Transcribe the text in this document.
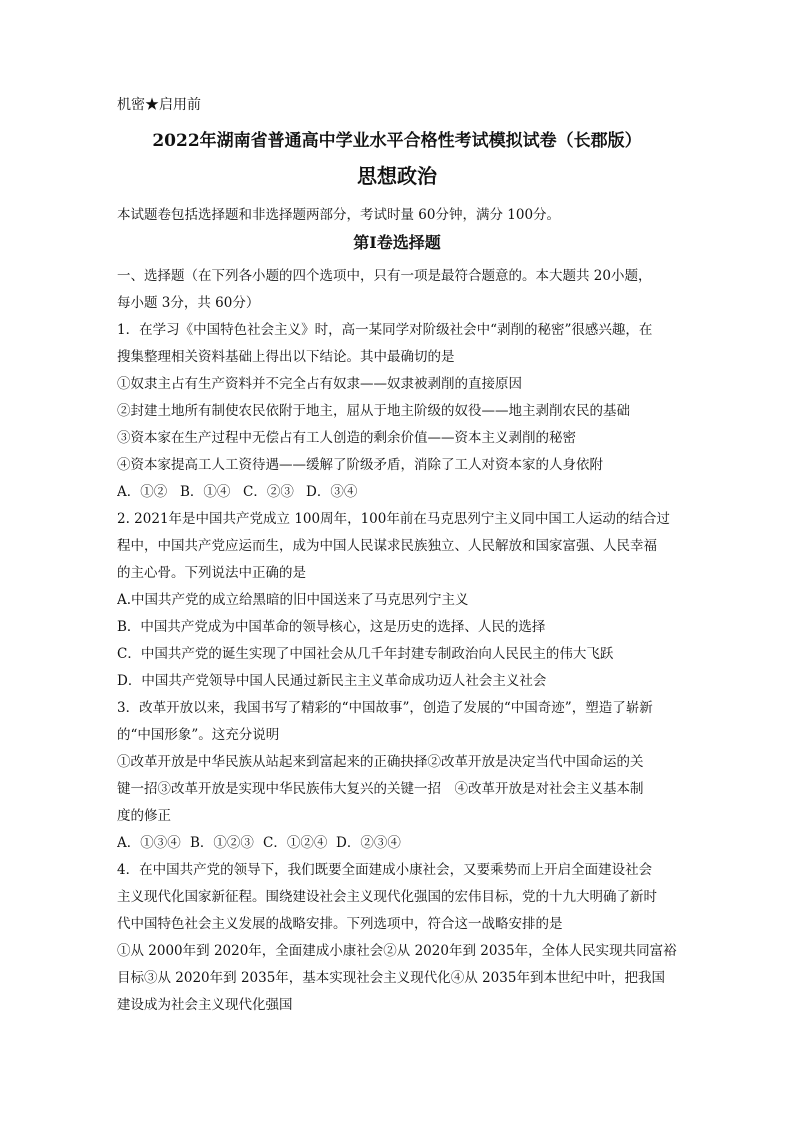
机密★启用前
2022年湖南省普通高中学业水平合格性考试模拟试卷（长郡版）
思想政治
本试题卷包括选择题和非选择题两部分，考试时量 60分钟，满分 100分。
第Ⅰ卷选择题
一、选择题（在下列各小题的四个选项中，只有一项是最符合题意的。本大题共 20小题，
每小题 3分，共 60分）
1．在学习《中国特色社会主义》时，高一某同学对阶级社会中“剥削的秘密”很感兴趣，在
搜集整理相关资料基础上得出以下结论。其中最确切的是
①奴隶主占有生产资料并不完全占有奴隶——奴隶被剥削的直接原因
②封建土地所有制使农民依附于地主，屈从于地主阶级的奴役——地主剥削农民的基础
③资本家在生产过程中无偿占有工人创造的剩余价值——资本主义剥削的秘密
④资本家提高工人工资待遇——缓解了阶级矛盾，消除了工人对资本家的人身依附
A．①② B．①④ C．②③ D．③④
2. 2021年是中国共产党成立 100周年，100年前在马克思列宁主义同中国工人运动的结合过
程中，中国共产党应运而生，成为中国人民谋求民族独立、人民解放和国家富强、人民幸福
的主心骨。下列说法中正确的是
A.中国共产党的成立给黑暗的旧中国送来了马克思列宁主义
B．中国共产党成为中国革命的领导核心，这是历史的选择、人民的选择
C．中国共产党的诞生实现了中国社会从几千年封建专制政治向人民民主的伟大飞跃
D．中国共产党领导中国人民通过新民主主义革命成功迈人社会主义社会
3．改革开放以来，我国书写了精彩的“中国故事”，创造了发展的“中国奇迹”，塑造了崭新
的“中国形象”。这充分说明
①改革开放是中华民族从站起来到富起来的正确抉择②改革开放是决定当代中国命运的关
键一招③改革开放是实现中华民族伟大复兴的关键一招　④改革开放是对社会主义基本制
度的修正
A．①③④ B．①②③ C．①②④ D．②③④
4．在中国共产党的领导下，我们既要全面建成小康社会，又要乘势而上开启全面建设社会
主义现代化国家新征程。围绕建设社会主义现代化强国的宏伟目标，党的十九大明确了新时
代中国特色社会主义发展的战略安排。下列选项中，符合这一战略安排的是
①从 2000年到 2020年，全面建成小康社会②从 2020年到 2035年，全体人民实现共同富裕
目标③从 2020年到 2035年，基本实现社会主义现代化④从 2035年到本世纪中叶，把我国
建设成为社会主义现代化强国
